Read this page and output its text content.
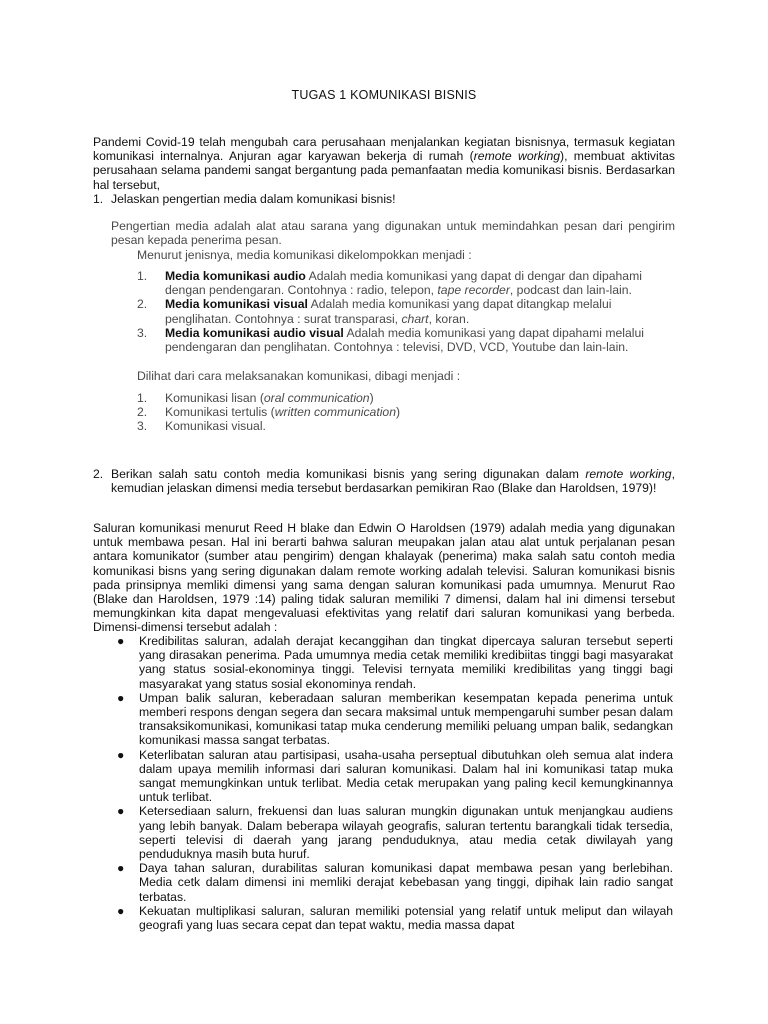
TUGAS 1 KOMUNIKASI BISNIS
Pandemi Covid-19 telah mengubah cara perusahaan menjalankan kegiatan bisnisnya, termasuk kegiatan komunikasi internalnya. Anjuran agar karyawan bekerja di rumah (remote working), membuat aktivitas perusahaan selama pandemi sangat bergantung pada pemanfaatan media komunikasi bisnis. Berdasarkan hal tersebut,
1. Jelaskan pengertian media dalam komunikasi bisnis!
Pengertian media adalah alat atau sarana yang digunakan untuk memindahkan pesan dari pengirim pesan kepada penerima pesan.
Menurut jenisnya, media komunikasi dikelompokkan menjadi :
1. Media komunikasi audio Adalah media komunikasi yang dapat di dengar dan dipahami dengan pendengaran. Contohnya : radio, telepon, tape recorder, podcast dan lain-lain.
2. Media komunikasi visual Adalah media komunikasi yang dapat ditangkap melalui penglihatan. Contohnya : surat transparasi, chart, koran.
3. Media komunikasi audio visual Adalah media komunikasi yang dapat dipahami melalui pendengaran dan penglihatan. Contohnya : televisi, DVD, VCD, Youtube dan lain-lain.
Dilihat dari cara melaksanakan komunikasi, dibagi menjadi :
1. Komunikasi lisan (oral communication)
2. Komunikasi tertulis (written communication)
3. Komunikasi visual.
2. Berikan salah satu contoh media komunikasi bisnis yang sering digunakan dalam remote working, kemudian jelaskan dimensi media tersebut berdasarkan pemikiran Rao (Blake dan Haroldsen, 1979)!
Saluran komunikasi menurut Reed H blake dan Edwin O Haroldsen (1979) adalah media yang digunakan untuk membawa pesan. Hal ini berarti bahwa saluran meupakan jalan atau alat untuk perjalanan pesan antara komunikator (sumber atau pengirim) dengan khalayak (penerima) maka salah satu contoh media komunikasi bisns yang sering digunakan dalam remote working adalah televisi. Saluran komunikasi bisnis pada prinsipnya memliki dimensi yang sama dengan saluran komunikasi pada umumnya. Menurut Rao (Blake dan Haroldsen, 1979 :14) paling tidak saluran memiliki 7 dimensi, dalam hal ini dimensi tersebut memungkinkan kita dapat mengevaluasi efektivitas yang relatif dari saluran komunikasi yang berbeda. Dimensi-dimensi tersebut adalah :
● Kredibilitas saluran, adalah derajat kecanggihan dan tingkat dipercaya saluran tersebut seperti yang dirasakan penerima. Pada umumnya media cetak memiliki kredibiitas tinggi bagi masyarakat yang status sosial-ekonominya tinggi. Televisi ternyata memiliki kredibilitas yang tinggi bagi masyarakat yang status sosial ekonominya rendah.
● Umpan balik saluran, keberadaan saluran memberikan kesempatan kepada penerima untuk memberi respons dengan segera dan secara maksimal untuk mempengaruhi sumber pesan dalam transaksikomunikasi, komunikasi tatap muka cenderung memiliki peluang umpan balik, sedangkan komunikasi massa sangat terbatas.
● Keterlibatan saluran atau partisipasi, usaha-usaha perseptual dibutuhkan oleh semua alat indera dalam upaya memilih informasi dari saluran komunikasi. Dalam hal ini komunikasi tatap muka sangat memungkinkan untuk terlibat. Media cetak merupakan yang paling kecil kemungkinannya untuk terlibat.
● Ketersediaan salurn, frekuensi dan luas saluran mungkin digunakan untuk menjangkau audiens yang lebih banyak. Dalam beberapa wilayah geografis, saluran tertentu barangkali tidak tersedia, seperti televisi di daerah yang jarang penduduknya, atau media cetak diwilayah yang penduduknya masih buta huruf.
● Daya tahan saluran, durabilitas saluran komunikasi dapat membawa pesan yang berlebihan. Media cetk dalam dimensi ini memliki derajat kebebasan yang tinggi, dipihak lain radio sangat terbatas.
● Kekuatan multiplikasi saluran, saluran memiliki potensial yang relatif untuk meliput dan wilayah geografi yang luas secara cepat dan tepat waktu, media massa dapat
